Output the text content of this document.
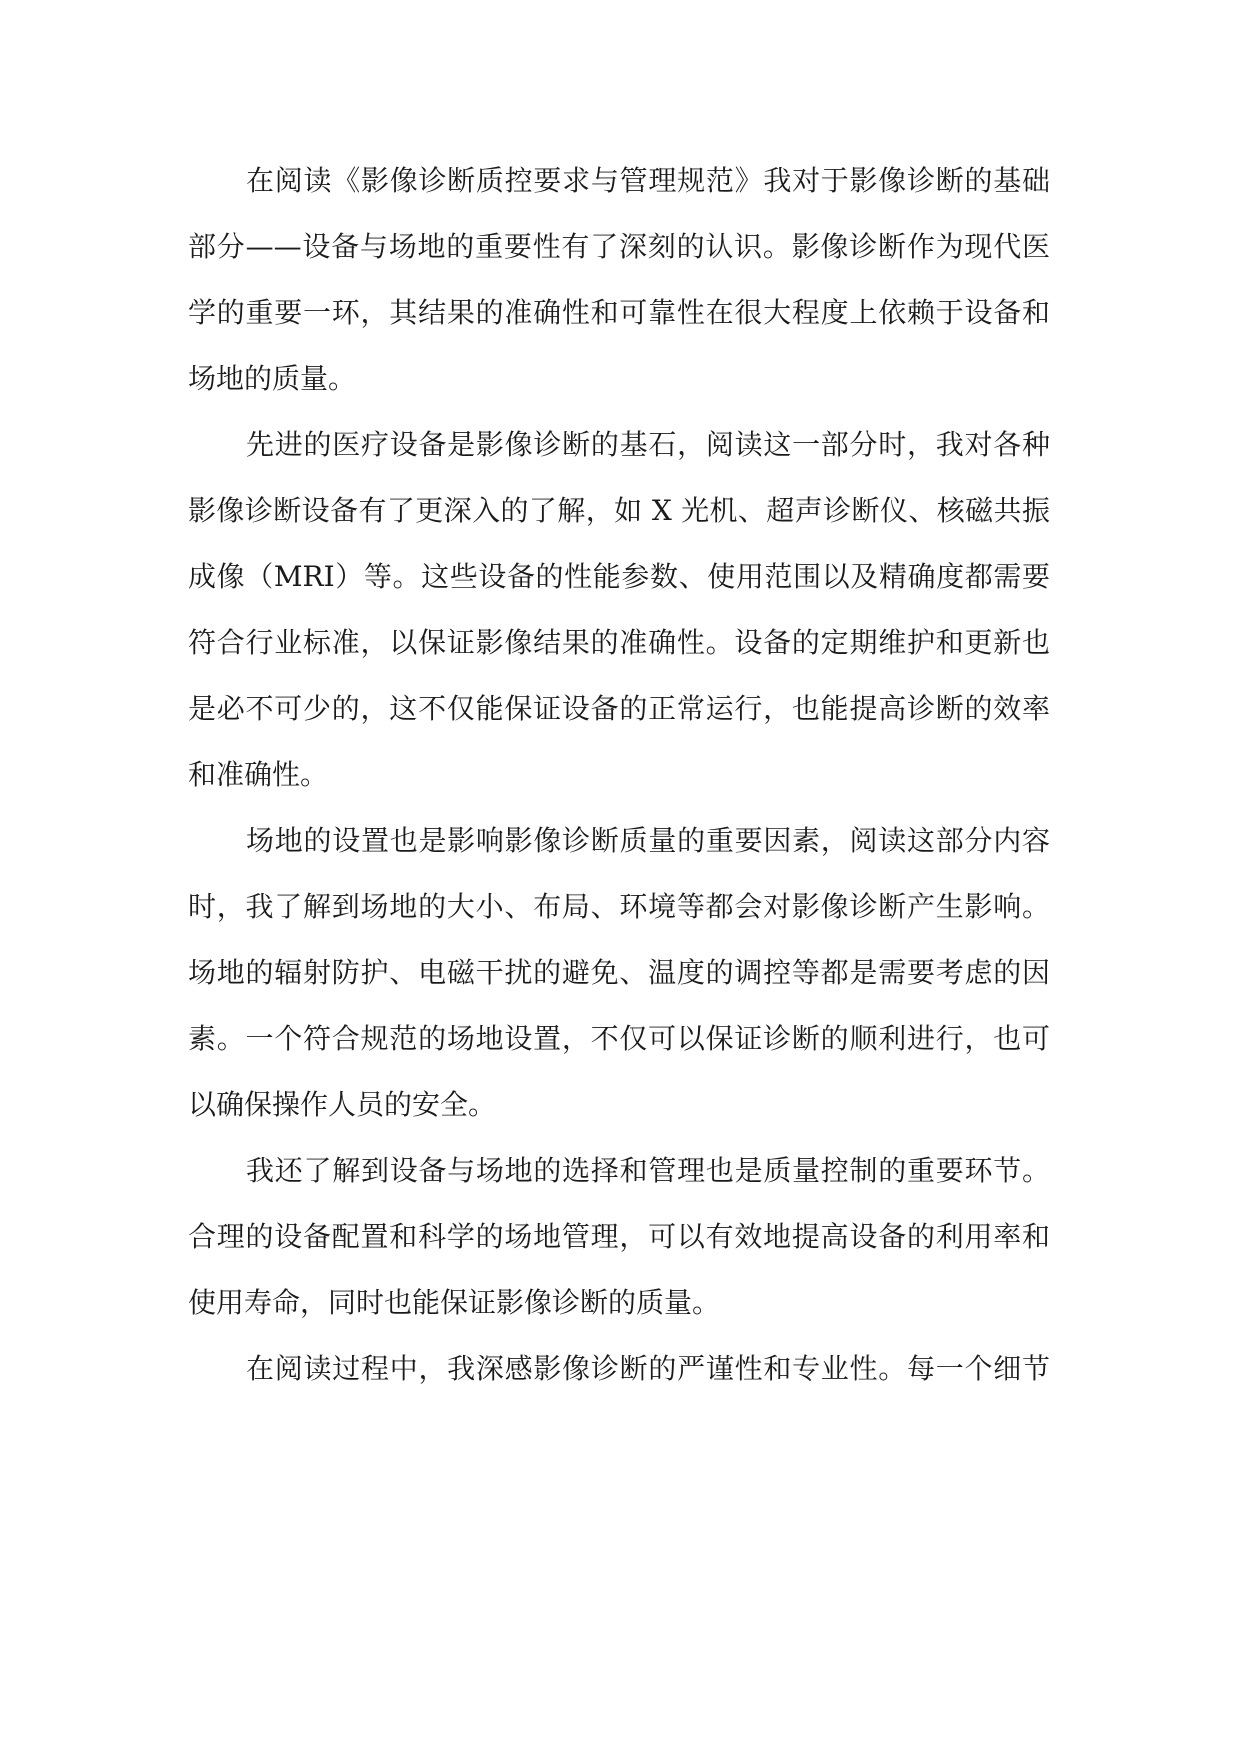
在阅读《影像诊断质控要求与管理规范》我对于影像诊断的基础
部分——设备与场地的重要性有了深刻的认识。影像诊断作为现代医
学的重要一环，其结果的准确性和可靠性在很大程度上依赖于设备和
场地的质量。
先进的医疗设备是影像诊断的基石，阅读这一部分时，我对各种
影像诊断设备有了更深入的了解，如 X 光机、超声诊断仪、核磁共振
成像（MRI）等。这些设备的性能参数、使用范围以及精确度都需要
符合行业标准，以保证影像结果的准确性。设备的定期维护和更新也
是必不可少的，这不仅能保证设备的正常运行，也能提高诊断的效率
和准确性。
场地的设置也是影响影像诊断质量的重要因素，阅读这部分内容
时，我了解到场地的大小、布局、环境等都会对影像诊断产生影响。
场地的辐射防护、电磁干扰的避免、温度的调控等都是需要考虑的因
素。一个符合规范的场地设置，不仅可以保证诊断的顺利进行，也可
以确保操作人员的安全。
我还了解到设备与场地的选择和管理也是质量控制的重要环节。
合理的设备配置和科学的场地管理，可以有效地提高设备的利用率和
使用寿命，同时也能保证影像诊断的质量。
在阅读过程中，我深感影像诊断的严谨性和专业性。每一个细节
